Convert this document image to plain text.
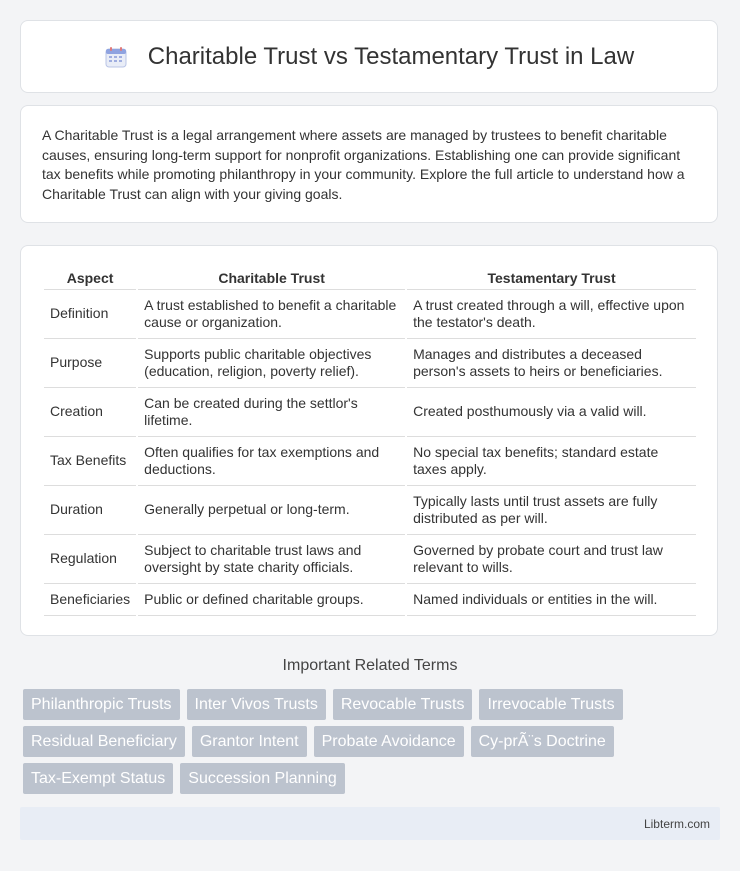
Charitable Trust vs Testamentary Trust in Law

A Charitable Trust is a legal arrangement where assets are managed by trustees to benefit charitable causes, ensuring long-term support for nonprofit organizations. Establishing one can provide significant tax benefits while promoting philanthropy in your community. Explore the full article to understand how a Charitable Trust can align with your giving goals.

Aspect	Charitable Trust	Testamentary Trust
Definition	A trust established to benefit a charitable cause or organization.	A trust created through a will, effective upon the testator's death.
Purpose	Supports public charitable objectives (education, religion, poverty relief).	Manages and distributes a deceased person's assets to heirs or beneficiaries.
Creation	Can be created during the settlor's lifetime.	Created posthumously via a valid will.
Tax Benefits	Often qualifies for tax exemptions and deductions.	No special tax benefits; standard estate taxes apply.
Duration	Generally perpetual or long-term.	Typically lasts until trust assets are fully distributed as per will.
Regulation	Subject to charitable trust laws and oversight by state charity officials.	Governed by probate court and trust law relevant to wills.
Beneficiaries	Public or defined charitable groups.	Named individuals or entities in the will.
Important Related Terms
Philanthropic Trusts	Inter Vivos Trusts	Revocable Trusts	Irrevocable Trusts
Residual Beneficiary	Grantor Intent	Probate Avoidance	Cy-prÃ¨s Doctrine
Tax-Exempt Status	Succession Planning
Libterm.com
